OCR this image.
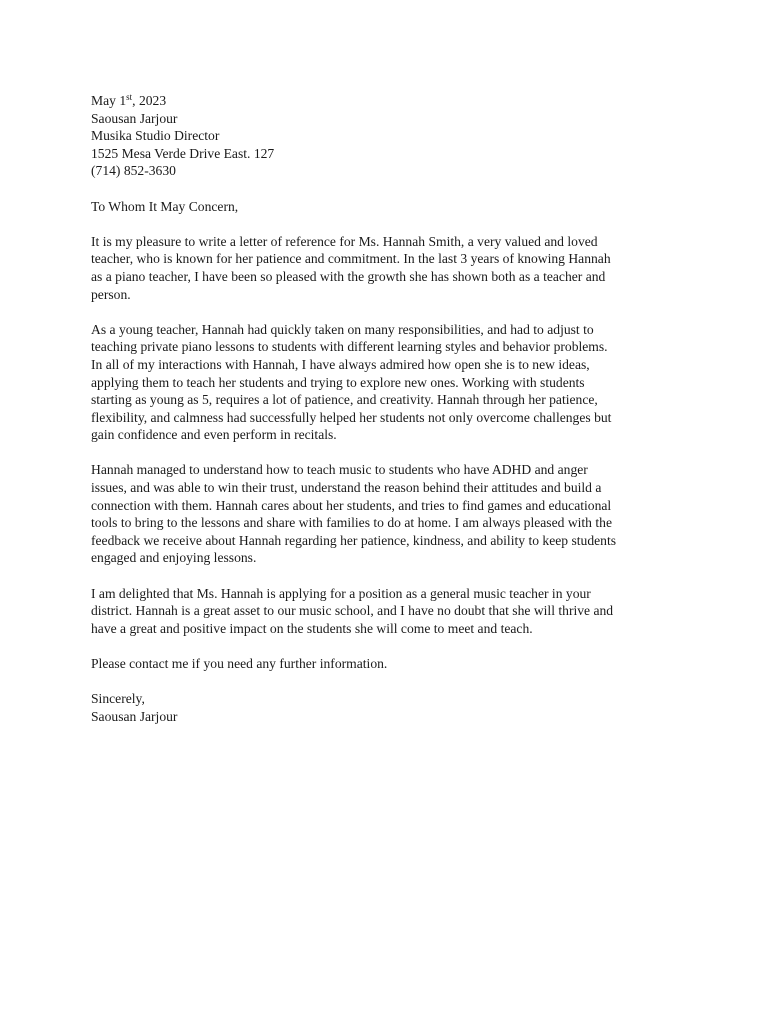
May 1st, 2023
Saousan Jarjour
Musika Studio Director
1525 Mesa Verde Drive East. 127
(714) 852-3630
To Whom It May Concern,
It is my pleasure to write a letter of reference for Ms. Hannah Smith, a very valued and loved
teacher, who is known for her patience and commitment. In the last 3 years of knowing Hannah
as a piano teacher, I have been so pleased with the growth she has shown both as a teacher and
person.
As a young teacher, Hannah had quickly taken on many responsibilities, and had to adjust to
teaching private piano lessons to students with different learning styles and behavior problems.
In all of my interactions with Hannah, I have always admired how open she is to new ideas,
applying them to teach her students and trying to explore new ones. Working with students
starting as young as 5, requires a lot of patience, and creativity. Hannah through her patience,
flexibility, and calmness had successfully helped her students not only overcome challenges but
gain confidence and even perform in recitals.
Hannah managed to understand how to teach music to students who have ADHD and anger
issues, and was able to win their trust, understand the reason behind their attitudes and build a
connection with them. Hannah cares about her students, and tries to find games and educational
tools to bring to the lessons and share with families to do at home. I am always pleased with the
feedback we receive about Hannah regarding her patience, kindness, and ability to keep students
engaged and enjoying lessons.
I am delighted that Ms. Hannah is applying for a position as a general music teacher in your
district. Hannah is a great asset to our music school, and I have no doubt that she will thrive and
have a great and positive impact on the students she will come to meet and teach.
Please contact me if you need any further information.
Sincerely,
Saousan Jarjour
